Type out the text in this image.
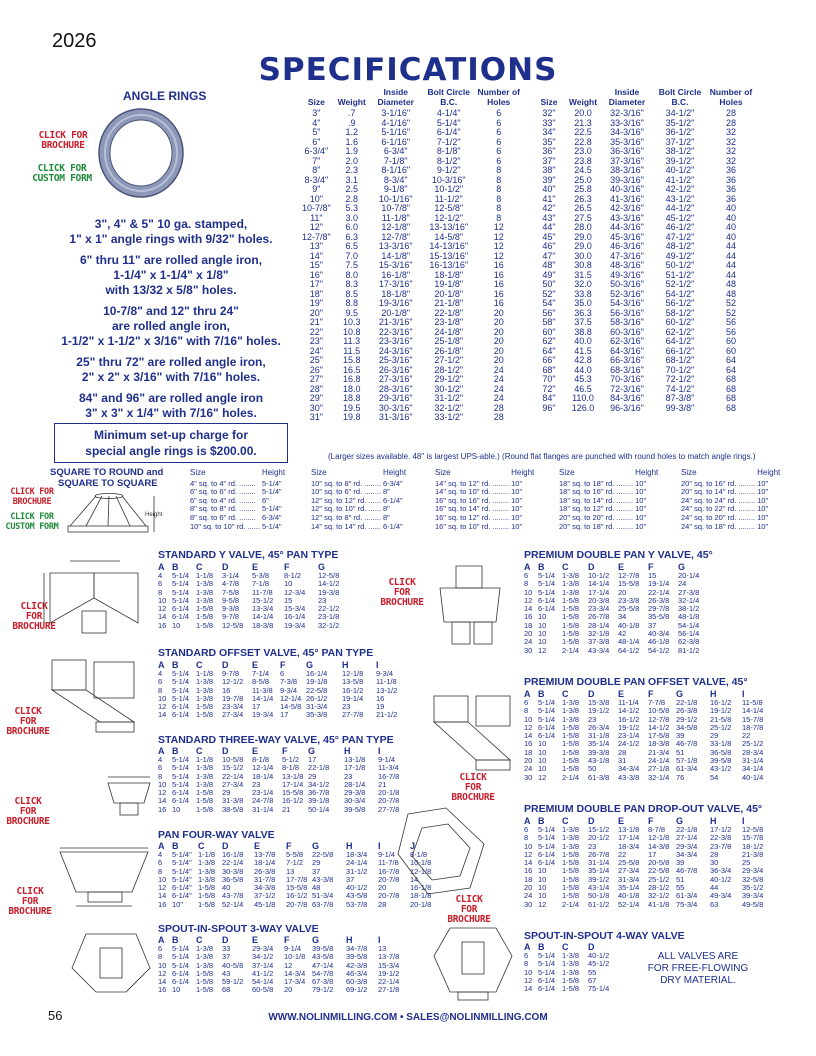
2026
SPECIFICATIONS
ANGLE RINGS
CLICK FOR
BROCHURE
CLICK FOR
CUSTOM FORM
3", 4" & 5" 10 ga. stamped,
1" x 1" angle rings with 9/32" holes.
6" thru 11" are rolled angle iron,
1-1/4" x 1-1/4" x 1/8"
with 13/32 x 5/8" holes.
10-7/8" and 12" thru 24"
are rolled angle iron,
1-1/2" x 1-1/2" x 3/16" with 7/16" holes.
25" thru 72" are rolled angle iron,
2" x 2" x 3/16" with 7/16" holes.
84" and 96" are rolled angle iron
3" x 3" x 1/4" with 7/16" holes.
Minimum set-up charge for
special angle rings is $200.00.
Size	Weight	Inside Diameter	Bolt Circle B.C.	Number of Holes
3"	.7	3-1/16"	4-1/4"	6
4"	.9	4-1/16"	5-1/4"	6
5"	1.2	5-1/16"	6-1/4"	6
6"	1.6	6-1/16"	7-1/2"	6
6-3/4"	1.9	6-3/4"	8-1/8"	6
7"	2.0	7-1/8"	8-1/2"	6
8"	2.3	8-1/16"	9-1/2"	8
8-3/4"	3.1	8-3/4"	10-3/16"	8
9"	2.5	9-1/8"	10-1/2"	8
10"	2.8	10-1/16"	11-1/2"	8
10-7/8"	5.3	10-7/8"	12-5/8"	8
11"	3.0	11-1/8"	12-1/2"	8
12"	6.0	12-1/8"	13-13/16"	12
12-7/8"	6.3	12-7/8"	14-5/8"	12
13"	6.5	13-3/16"	14-13/16"	12
14"	7.0	14-1/8"	15-13/16"	12
15"	7.5	15-3/16"	16-13/16"	16
16"	8.0	16-1/8"	18-1/8"	16
17"	8.3	17-3/16"	19-1/8"	16
18"	8.5	18-1/8"	20-1/8"	16
19"	8.8	19-3/16"	21-1/8"	16
20"	9.5	20-1/8"	22-1/8"	20
21"	10.3	21-3/16"	23-1/8"	20
22"	10.8	22-3/16"	24-1/8"	20
23"	11.3	23-3/16"	25-1/8"	20
24"	11.5	24-3/16"	26-1/8"	20
25"	15.8	25-3/16"	27-1/2"	20
26"	16.5	26-3/16"	28-1/2"	24
27"	16.8	27-3/16"	29-1/2"	24
28"	18.0	28-3/16"	30-1/2"	24
29"	18.8	29-3/16"	31-1/2"	24
30"	19.5	30-3/16"	32-1/2"	28
31"	19.8	31-3/16"	33-1/2"	28
Size	Weight	Inside Diameter	Bolt Circle B.C.	Number of Holes
32"	20.0	32-3/16"	34-1/2"	28
33"	21.3	33-3/16"	35-1/2"	28
34"	22.5	34-3/16"	36-1/2"	32
35"	22.8	35-3/16"	37-1/2"	32
36"	23.0	36-3/16"	38-1/2"	32
37"	23.8	37-3/16"	39-1/2"	32
38"	24.5	38-3/16"	40-1/2"	36
39"	25.0	39-3/16"	41-1/2"	36
40"	25.8	40-3/16"	42-1/2"	36
41"	26.3	41-3/16"	43-1/2"	36
42"	26.5	42-3/16"	44-1/2"	40
43"	27.5	43-3/16"	45-1/2"	40
44"	28.0	44-3/16"	46-1/2"	40
45"	29.0	45-3/16"	47-1/2"	40
46"	29.0	46-3/16"	48-1/2"	44
47"	30.0	47-3/16"	49-1/2"	44
48"	30.8	48-3/16"	50-1/2"	44
49"	31.5	49-3/16"	51-1/2"	44
50"	32.0	50-3/16"	52-1/2"	48
52"	33.8	52-3/16"	54-1/2"	48
54"	35.0	54-3/16"	56-1/2"	52
56"	36.3	56-3/16"	58-1/2"	52
58"	37.5	58-3/16"	60-1/2"	56
60"	38.8	60-3/16"	62-1/2"	56
62"	40.0	62-3/16"	64-1/2"	60
64"	41.5	64-3/16"	66-1/2"	60
66"	42.8	66-3/16"	68-1/2"	64
68"	44.0	68-3/16"	70-1/2"	64
70"	45.3	70-3/16"	72-1/2"	68
72"	46.5	72-3/16"	74-1/2"	68
84"	110.0	84-3/16"	87-3/8"	68
96"	126.0	96-3/16"	99-3/8"	68
(Larger sizes available. 48" is largest UPS-able.) (Round flat flanges are punched with round holes to match angle rings.)
SQUARE TO ROUND and
SQUARE TO SQUARE
CLICK FOR
BROCHURE
CLICK FOR
CUSTOM FORM
Height
Size	Height
4" sq. to 4" rd. ........	5-1/4"
6" sq. to 6" rd. ........	5-1/4"
6" sq. to 4" rd. ........	6"
8" sq. to 8" rd. ........	5-1/4"
8" sq. to 6" rd. ........	6-3/4"
10" sq. to 10" rd. ......	5-1/4"
Size	Height
10" sq. to 8" rd. ........	6-3/4"
10" sq. to 6" rd. ........	8"
12" sq. to 12" rd. ......	6-1/4"
12" sq. to 10" rd. ......	8"
12" sq. to 8" rd. ........	8"
14" sq. to 14" rd. ......	6-1/4"
Size	Height
14" sq. to 12" rd. ........	10"
14" sq. to 10" rd. ........	10"
16" sq. to 16" rd. ........	10"
16" sq. to 14" rd. ........	10"
16" sq. to 12" rd. ........	10"
16" sq. to 10" rd. ........	10"
Size	Height
18" sq. to 18" rd. ........	10"
18" sq. to 16" rd. ........	10"
18" sq. to 14" rd. ........	10"
18" sq. to 12" rd. ........	10"
20" sq. to 20" rd. ........	10"
20" sq. to 18" rd. ........	10"
Size	Height
20" sq. to 16" rd. ........	10"
20" sq. to 14" rd. ........	10"
24" sq. to 24" rd. ........	10"
24" sq. to 22" rd. ........	10"
24" sq. to 20" rd. ........	10"
24" sq. to 18" rd. ........	10"
STANDARD Y VALVE, 45° PAN TYPE
A	B	C	D	E	F	G
4	5-1/4	1-1/8	3-1/4	5-3/8	8-1/2	12-5/8
6	5-1/4	1-3/8	4-7/8	7-1/8	10	14-1/2
8	5-1/4	1-3/8	7-5/8	11-7/8	12-3/4	19-3/8
10	5-1/4	1-3/8	9-5/8	15-1/2	15	23
12	6-1/4	1-5/8	9-3/8	13-3/4	15-3/4	22-1/2
14	6-1/4	1-5/8	9-7/8	14-1/4	16-1/4	23-1/8
16	10	1-5/8	12-5/8	18-3/8	19-3/4	32-1/2
STANDARD OFFSET VALVE, 45° PAN TYPE
A	B	C	D	E	F	G	H	I
4	5-1/4	1-1/8	9-7/8	7-1/4	6	16-1/4	12-1/8	9-3/4
6	5-1/4	1-3/8	12-1/2	8-5/8	7-3/8	19-1/8	13-5/8	11-1/8
8	5-1/4	1-3/8	16	11-3/8	9-3/4	22-5/8	16-1/2	13-1/2
10	5-1/4	1-3/8	19-7/8	14-1/4	12-1/4	26-1/2	19-1/4	16
12	6-1/4	1-5/8	23-3/4	17	14-5/8	31-3/4	23	19
14	6-1/4	1-5/8	27-3/4	19-3/4	17	35-3/8	27-7/8	21-1/2
STANDARD THREE-WAY VALVE, 45° PAN TYPE
A	B	C	D	E	F	G	H	I
4	5-1/4	1-1/8	10-5/8	8-1/8	5-1/2	17	13-1/8	9-1/4
6	5-1/4	1-3/8	15-1/2	12-1/4	8-1/8	22-1/8	17-1/8	11-3/4
8	5-1/4	1-3/8	22-1/4	18-1/4	13-1/8	29	23	16-7/8
10	5-1/4	1-3/8	27-3/4	23	17-1/4	34-1/2	28-1/4	21
12	6-1/4	1-5/8	29	23-1/4	15-5/8	36-7/8	29-3/8	20-1/8
14	6-1/4	1-5/8	31-3/8	24-7/8	16-1/2	39-1/8	30-3/4	20-7/8
16	10	1-5/8	38-5/8	31-1/4	21	50-1/4	39-5/8	27-7/8
PAN FOUR-WAY VALVE
A	B	C	D	E	F	G	H	I	J
4	5-1/4"	1-1/8	16-1/8	13-7/8	5-5/8	22-5/8	18-3/4	9-1/4	8-1/8
6	5-1/4"	1-3/8	22-1/4	18-1/4	7-1/2	29	24-1/4	11-7/8	10-1/8
8	5-1/4"	1-3/8	30-3/8	26-3/8	13	37	31-1/2	16-7/8	12-1/8
10	5-1/4"	1-3/8	36-5/8	31-7/8	17-7/8	43-3/8	37	20-7/8	14
12	6-1/4"	1-5/8	40	34-3/8	15-5/8	48	40-1/2	20	16-1/8
14	6-1/4"	1-5/8	43-7/8	37-1/2	16-1/2	51-3/4	43-5/8	20-7/8	18-1/8
16	10"	1-5/8	52-1/4	45-1/8	20-7/8	63-7/8	53-7/8	28	20-1/8
SPOUT-IN-SPOUT 3-WAY VALVE
A	B	C	D	E	F	G	H	I
6	5-1/4	1-3/8	33	29-3/4	9-1/4	39-5/8	34-7/8	13
8	5-1/4	1-3/8	37	34-1/2	10-1/8	43-5/8	39-5/8	13-7/8
10	5-1/4	1-3/8	40-5/8	37-1/4	12	47-1/4	42-3/8	15-3/4
12	6-1/4	1-5/8	43	41-1/2	14-3/4	54-7/8	46-3/4	19-1/2
14	6-1/4	1-5/8	59-1/2	54-1/4	17-3/4	67-3/8	60-3/8	22-1/4
16	10	1-5/8	68	60-5/8	20	79-1/2	69-1/2	27-1/8
PREMIUM DOUBLE PAN Y VALVE, 45°
A	B	C	D	E	F	G
6	5-1/4	1-3/8	10-1/2	12-7/8	15	20-1/4
8	5-1/4	1-3/8	14-1/4	15-5/8	19-1/4	24
10	5-1/4	1-3/8	17-1/4	20	22-1/4	27-3/8
12	6-1/4	1-5/8	20-3/8	23-3/8	26-3/8	32-1/4
14	6-1/4	1-5/8	23-3/4	25-5/8	29-7/8	38-1/2
16	10	1-5/8	26-7/8	34	35-5/8	48-1/8
18	10	1-5/8	28-1/4	40-1/8	37	54-1/4
20	10	1-5/8	32-1/8	42	40-3/4	56-1/4
24	10	1-5/8	37-3/8	48-1/4	46-1/8	62-3/8
30	12	2-1/4	43-3/4	64-1/2	54-1/2	81-1/2
PREMIUM DOUBLE PAN OFFSET VALVE, 45°
A	B	C	D	E	F	G	H	I
6	5-1/4	1-3/8	15-3/8	11-1/4	7-7/8	22-1/8	16-1/2	11-5/8
8	5-1/4	1-3/8	19-1/2	14-1/2	10-5/8	26-3/8	19-1/2	14-1/4
10	5-1/4	1-3/8	23	16-1/2	12-7/8	29-1/2	21-5/8	15-7/8
12	6-1/4	1-5/8	26-3/4	19-1/2	14-1/2	34-5/8	25-1/2	18-7/8
14	6-1/4	1-5/8	31-1/8	23-1/4	17-5/8	39	29	22
16	10	1-5/8	35-1/4	24-1/2	18-3/8	46-7/8	33-1/8	25-1/2
18	10	1-5/8	39-3/8	28	21-3/4	51	36-5/8	28-3/4
20	10	1-5/8	43-1/8	31	24-1/4	57-1/8	39-5/8	31-1/4
24	10	1-5/8	50	34-3/4	27-1/8	61-3/4	43-1/2	34-1/4
30	12	2-1/4	61-3/8	43-3/8	32-1/4	76	54	40-1/4
PREMIUM DOUBLE PAN DROP-OUT VALVE, 45°
A	B	C	D	E	F	G	H	I
6	5-1/4	1-3/8	15-1/2	13-1/8	8-7/8	22-1/8	17-1/2	12-5/8
8	5-1/4	1-3/8	20-1/2	17-1/4	12-1/8	27-1/4	22-3/8	15-7/8
10	5-1/4	1-3/8	23	18-3/4	14-3/8	29-3/4	23-7/8	18-1/2
12	6-1/4	1-5/8	26-7/8	22	17	34-3/4	28	21-3/8
14	6-1/4	1-5/8	31-1/4	25-5/8	20-5/8	39	30	25
16	10	1-5/8	35-1/4	27-3/4	22-5/8	46-7/8	36-3/4	29-3/4
18	10	1-5/8	39-1/2	31-3/4	25-1/2	51	40-1/2	32-5/8
20	10	1-5/8	43-1/4	35-1/4	28-1/2	55	44	35-1/2
24	10	1-5/8	50-1/8	40-1/8	32-1/2	61-3/4	49-3/4	39-3/4
30	12	2-1/4	61-1/2	52-1/4	41-1/8	75-3/4	63	49-5/8
SPOUT-IN-SPOUT 4-WAY VALVE
A	B	C	D
6	5-1/4	1-3/8	40-1/2
8	5-1/4	1-3/8	45-1/2
10	5-1/4	1-3/8	55
12	6-1/4	1-5/8	67
14	6-1/4	1-5/8	75-1/4
ALL VALVES ARE
FOR FREE-FLOWING
DRY MATERIAL.
CLICK FOR
BROCHURE
CLICK FOR
BROCHURE
CLICK FOR
BROCHURE
CLICK FOR
BROCHURE
CLICK FOR
BROCHURE
CLICK FOR
BROCHURE
CLICK FOR
BROCHURE
56	WWW.NOLINMILLING.COM • SALES@NOLINMILLING.COM
